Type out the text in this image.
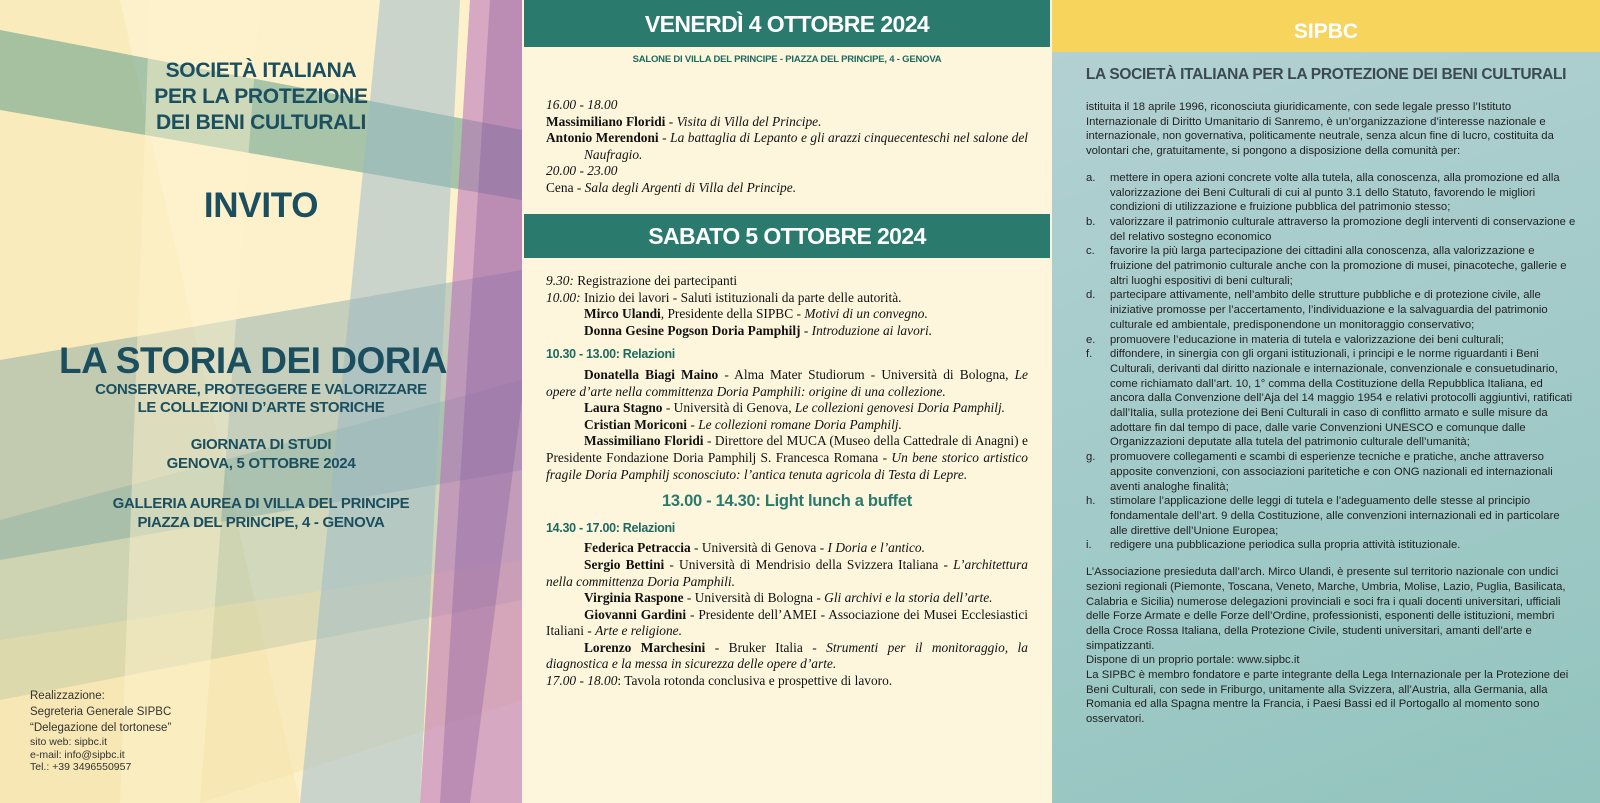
SOCIETÀ ITALIANA
PER LA PROTEZIONE
DEI BENI CULTURALI
INVITO
LA STORIA DEI DORIA
CONSERVARE, PROTEGGERE E VALORIZZARE
LE COLLEZIONI D’ARTE STORICHE
GIORNATA DI STUDI
GENOVA, 5 OTTOBRE 2024
GALLERIA AUREA DI VILLA DEL PRINCIPE
PIAZZA DEL PRINCIPE, 4 - GENOVA
Realizzazione:
Segreteria Generale SIPBC
“Delegazione del tortonese”
sito web: sipbc.it
e-mail: info@sipbc.it
Tel.: +39 3496550957
VENERDÌ 4 OTTOBRE 2024
SALONE DI VILLA DEL PRINCIPE - PIAZZA DEL PRINCIPE, 4 - GENOVA
16.00 - 18.00
Massimiliano Floridi - Visita di Villa del Principe.
Antonio Merendoni - La battaglia di Lepanto e gli arazzi cinquecenteschi nel salone del Naufragio.
20.00 - 23.00
Cena - Sala degli Argenti di Villa del Principe.
SABATO 5 OTTOBRE 2024
9.30: Registrazione dei partecipanti
10.00: Inizio dei lavori - Saluti istituzionali da parte delle autorità.
Mirco Ulandi, Presidente della SIPBC - Motivi di un convegno.
Donna Gesine Pogson Doria Pamphilj - Introduzione ai lavori.
10.30 - 13.00: Relazioni
Donatella Biagi Maino - Alma Mater Studiorum - Università di Bologna, Le opere d’arte nella committenza Doria Pamphili: origine di una collezione.
Laura Stagno - Università di Genova, Le collezioni genovesi Doria Pamphilj.
Cristian Moriconi - Le collezioni romane Doria Pamphilj.
Massimiliano Floridi - Direttore del MUCA (Museo della Cattedrale di Anagni) e Presidente Fondazione Doria Pamphilj S. Francesca Romana - Un bene storico artistico fragile Doria Pamphilj sconosciuto: l’antica tenuta agricola di Testa di Lepre.
13.00 - 14.30: Light lunch a buffet
14.30 - 17.00: Relazioni
Federica Petraccia - Università di Genova - I Doria e l’antico.
Sergio Bettini - Università di Mendrisio della Svizzera Italiana - L’architettura nella committenza Doria Pamphili.
Virginia Raspone - Università di Bologna - Gli archivi e la storia dell’arte.
Giovanni Gardini - Presidente dell’AMEI - Associazione dei Musei Ecclesiastici Italiani - Arte e religione.
Lorenzo Marchesini - Bruker Italia - Strumenti per il monitoraggio, la diagnostica e la messa in sicurezza delle opere d’arte.
17.00 - 18.00: Tavola rotonda conclusiva e prospettive di lavoro.
SIPBC
LA SOCIETÀ ITALIANA PER LA PROTEZIONE DEI BENI CULTURALI

istituita il 18 aprile 1996, riconosciuta giuridicamente, con sede legale presso l’Istituto Internazionale di Diritto Umanitario di Sanremo, è un’organizzazione d’interesse nazionale e internazionale, non governativa, politicamente neutrale, senza alcun fine di lucro, costituita da volontari che, gratuitamente, si pongono a disposizione della comunità per:

a. mettere in opera azioni concrete volte alla tutela, alla conoscenza, alla promozione ed alla valorizzazione dei Beni Culturali di cui al punto 3.1 dello Statuto, favorendo le migliori condizioni di utilizzazione e fruizione pubblica del patrimonio stesso;
b. valorizzare il patrimonio culturale attraverso la promozione degli interventi di conservazione e del relativo sostegno economico
c. favorire la più larga partecipazione dei cittadini alla conoscenza, alla valorizzazione e fruizione del patrimonio culturale anche con la promozione di musei, pinacoteche, gallerie e altri luoghi espositivi di beni culturali;
d. partecipare attivamente, nell’ambito delle strutture pubbliche e di protezione civile, alle iniziative promosse per l’accertamento, l’individuazione e la salvaguardia del patrimonio culturale ed ambientale, predisponendone un monitoraggio conservativo;
e. promuovere l’educazione in materia di tutela e valorizzazione dei beni culturali;
f. diffondere, in sinergia con gli organi istituzionali, i principi e le norme riguardanti i Beni Culturali, derivanti dal diritto nazionale e internazionale, convenzionale e consuetudinario, come richiamato dall’art. 10, 1° comma della Costituzione della Repubblica Italiana, ed ancora dalla Convenzione dell’Aja del 14 maggio 1954 e relativi protocolli aggiuntivi, ratificati dall’Italia, sulla protezione dei Beni Culturali in caso di conflitto armato e sulle misure da adottare fin dal tempo di pace, dalle varie Convenzioni UNESCO e comunque dalle Organizzazioni deputate alla tutela del patrimonio culturale dell’umanità;
g. promuovere collegamenti e scambi di esperienze tecniche e pratiche, anche attraverso apposite convenzioni, con associazioni paritetiche e con ONG nazionali ed internazionali aventi analoghe finalità;
h. stimolare l’applicazione delle leggi di tutela e l’adeguamento delle stesse al principio fondamentale dell’art. 9 della Costituzione, alle convenzioni internazionali ed in particolare alle direttive dell’Unione Europea;
i. redigere una pubblicazione periodica sulla propria attività istituzionale.

L’Associazione presieduta dall’arch. Mirco Ulandi, è presente sul territorio nazionale con undici sezioni regionali (Piemonte, Toscana, Veneto, Marche, Umbria, Molise, Lazio, Puglia, Basilicata, Calabria e Sicilia) numerose delegazioni provinciali e soci fra i quali docenti universitari, ufficiali delle Forze Armate e delle Forze dell’Ordine, professionisti, esponenti delle istituzioni, membri della Croce Rossa Italiana, della Protezione Civile, studenti universitari, amanti dell’arte e simpatizzanti.

Dispone di un proprio portale: www.sipbc.it

La SIPBC è membro fondatore e parte integrante della Lega Internazionale per la Protezione dei Beni Culturali, con sede in Friburgo, unitamente alla Svizzera, all’Austria, alla Germania, alla Romania ed alla Spagna mentre la Francia, i Paesi Bassi ed il Portogallo al momento sono osservatori.
